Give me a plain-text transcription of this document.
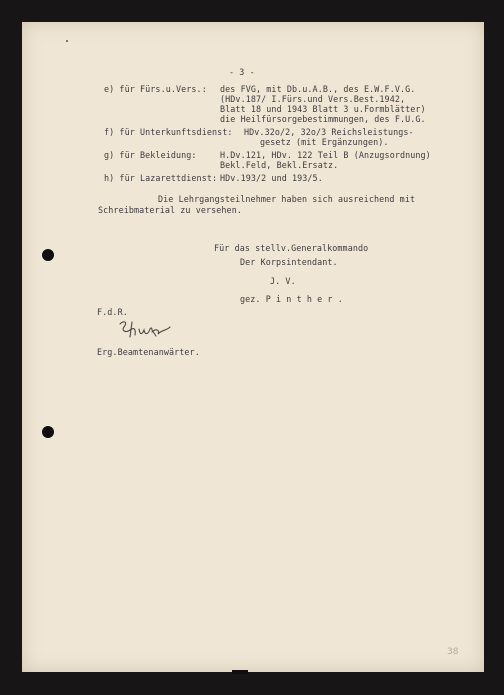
- 3 -
e) für Fürs.u.Vers.: des FVG, mit Db.u.A.B., des E.W.F.V.G.
(HDv.187/ I.Fürs.und Vers.Best.1942,
Blatt 18 und 1943 Blatt 3 u.Formblätter)
die Heilfürsorgebestimmungen, des F.U.G.
f) für Unterkunftsdienst: HDv.32o/2, 32o/3 Reichsleistungs-
gesetz (mit Ergänzungen).
g) für Bekleidung:	H.Dv.121, HDv. 122 Teil B (Anzugsordnung)
Bekl.Feld, Bekl.Ersatz.
h) für Lazarettdienst: HDv.193/2 und 193/5.
Die Lehrgangsteilnehmer haben sich ausreichend mit
Schreibmaterial zu versehen.
Für das stellv.Generalkommando
Der Korpsintendant.
J. V.
gez. P i n t h e r .
F.d.R.
Erg.Beamtenanwärter.
38
